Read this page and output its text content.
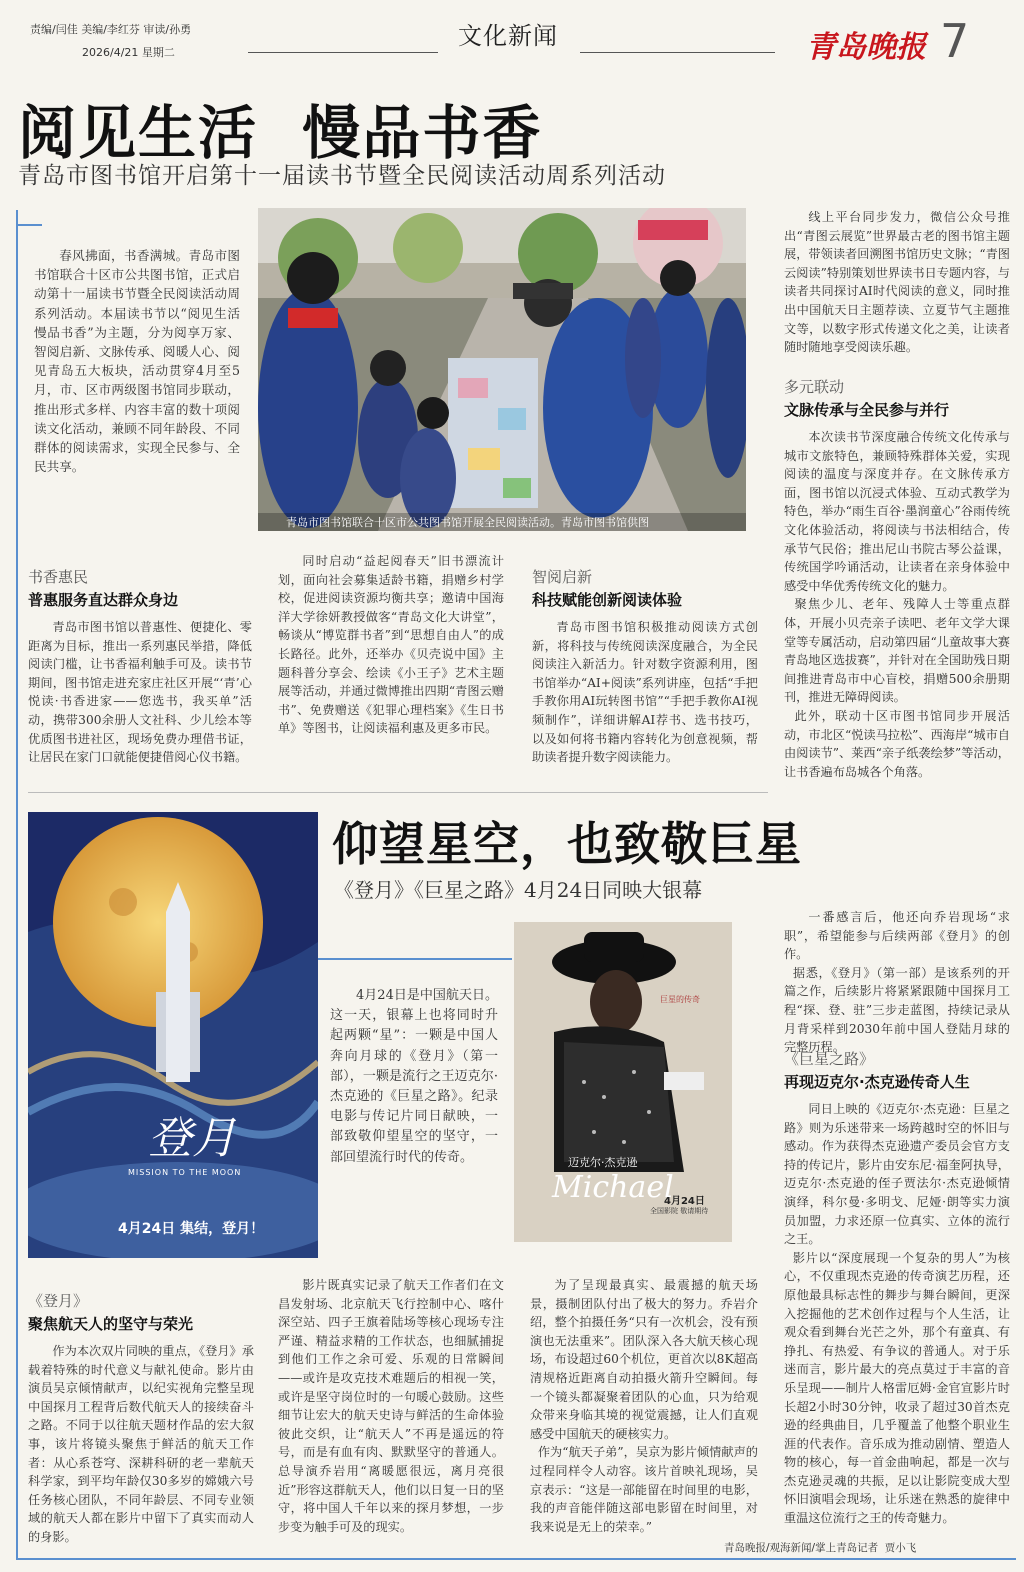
责编/闫佳 美编/李红芬 审读/孙勇
2026/4/21 星期二
文化新闻	青岛晚报 7
阅见生活  慢品书香
青岛市图书馆开启第十一届读书节暨全民阅读活动周系列活动
春风拂面，书香满城。青岛市图书馆联合十区市公共图书馆，正式启动第十一届读书节暨全民阅读活动周系列活动。本届读书节以“阅见生活 慢品书香”为主题，分为阅享万家、智阅启新、文脉传承、阅暖人心、阅见青岛五大板块，活动贯穿4月至5月，市、区市两级图书馆同步联动，推出形式多样、内容丰富的数十项阅读文化活动，兼顾不同年龄段、不同群体的阅读需求，实现全民参与、全民共享。
青岛市图书馆联合十区市公共图书馆开展全民阅读活动。青岛市图书馆供图
线上平台同步发力，微信公众号推出“青图云展览”世界最古老的图书馆主题展，带领读者回溯图书馆历史文脉；“青图云阅读”特别策划世界读书日专题内容，与读者共同探讨AI时代阅读的意义，同时推出中国航天日主题荐读、立夏节气主题推文等，以数字形式传递文化之美，让读者随时随地享受阅读乐趣。
多元联动
文脉传承与全民参与并行
本次读书节深度融合传统文化传承与城市文旅特色，兼顾特殊群体关爱，实现阅读的温度与深度并存。在文脉传承方面，图书馆以沉浸式体验、互动式教学为特色，举办“雨生百谷·墨润童心”谷雨传统文化体验活动，将阅读与书法相结合，传承节气民俗；推出尼山书院古琴公益课，传统国学吟诵活动，让读者在亲身体验中感受中华优秀传统文化的魅力。
聚焦少儿、老年、残障人士等重点群体，开展小贝壳亲子读吧、老年文学大课堂等专属活动，启动第四届“儿童故事大赛青岛地区选拔赛”，并针对在全国助残日期间推进青岛市中心盲校，捐赠500余册期刊，推进无障碍阅读。
此外，联动十区市图书馆同步开展活动，市北区“悦读马拉松”、西海岸“城市自由阅读节”、莱西“亲子纸袭绘梦”等活动，让书香遍布岛城各个角落。
书香惠民
普惠服务直达群众身边
青岛市图书馆以普惠性、便捷化、零距离为目标，推出一系列惠民举措，降低阅读门槛，让书香福利触手可及。读书节期间，图书馆走进充家庄社区开展“‘青’心悦读·书香进家——您选书，我买单”活动，携带300余册人文社科、少儿绘本等优质图书进社区，现场免费办理借书证，让居民在家门口就能便捷借阅心仪书籍。
同时启动“益起阅春天”旧书漂流计划，面向社会募集适龄书籍，捐赠乡村学校，促进阅读资源均衡共享；邀请中国海洋大学徐妍教授做客“青岛文化大讲堂”，畅谈从“博览群书者”到“思想自由人”的成长路径。此外，还举办《贝壳说中国》主题科普分享会、绘读《小王子》艺术主题展等活动，并通过微博推出四期“青图云赠书”、免费赠送《犯罪心理档案》《生日书单》等图书，让阅读福利惠及更多市民。
智阅启新
科技赋能创新阅读体验
青岛市图书馆积极推动阅读方式创新，将科技与传统阅读深度融合，为全民阅读注入新活力。针对数字资源利用，图书馆举办“AI+阅读”系列讲座，包括“手把手教你用AI玩转图书馆”“手把手教你AI视频制作”，详细讲解AI荐书、选书技巧，以及如何将书籍内容转化为创意视频，帮助读者提升数字阅读能力。
登月
MISSION TO THE MOON
4月24日 集结，登月！
仰望星空，也致敬巨星
《登月》《巨星之路》4月24日同映大银幕
4月24日是中国航天日。这一天，银幕上也将同时升起两颗“星”：一颗是中国人奔向月球的《登月》（第一部），一颗是流行之王迈克尔·杰克逊的《巨星之路》。纪录电影与传记片同日献映，一部致敬仰望星空的坚守，一部回望流行时代的传奇。
巨星的传奇
迈克尔·杰克逊
Michael
4月24日
全国影院 敬请期待
一番感言后，他还向乔岩现场“求职”，希望能参与后续两部《登月》的创作。
据悉，《登月》（第一部）是该系列的开篇之作，后续影片将紧紧跟随中国探月工程“探、登、驻”三步走蓝图，持续记录从月背采样到2030年前中国人登陆月球的完整历程。
《巨星之路》
再现迈克尔·杰克逊传奇人生
同日上映的《迈克尔·杰克逊：巨星之路》则为乐迷带来一场跨越时空的怀旧与感动。作为获得杰克逊遗产委员会官方支持的传记片，影片由安东尼·福奎阿执导，迈克尔·杰克逊的侄子贾法尔·杰克逊倾情演绎，科尔曼·多明戈、尼娅·朗等实力演员加盟，力求还原一位真实、立体的流行之王。
影片以“深度展现一个复杂的男人”为核心，不仅重现杰克逊的传奇演艺历程，还原他最具标志性的舞步与舞台瞬间，更深入挖掘他的艺术创作过程与个人生活，让观众看到舞台光芒之外，那个有童真、有挣扎、有热爱、有争议的普通人。对于乐迷而言，影片最大的亮点莫过于丰富的音乐呈现——制片人格雷厄姆·金官宣影片时长超2小时30分钟，收录了超过30首杰克逊的经典曲目，几乎覆盖了他整个职业生涯的代表作。音乐成为推动剧情、塑造人物的核心，每一首金曲响起，都是一次与杰克逊灵魂的共振，足以让影院变成大型怀旧演唱会现场，让乐迷在熟悉的旋律中重温这位流行之王的传奇魅力。
《登月》
聚焦航天人的坚守与荣光
作为本次双片同映的重点，《登月》承载着特殊的时代意义与献礼使命。影片由演员吴京倾情献声，以纪实视角完整呈现中国探月工程背后数代航天人的接续奋斗之路。不同于以往航天题材作品的宏大叙事，该片将镜头聚焦于鲜活的航天工作者：从心系苍穹、深耕科研的老一辈航天科学家，到平均年龄仅30多岁的嫦娥六号任务核心团队，不同年龄层、不同专业领域的航天人都在影片中留下了真实而动人的身影。
影片既真实记录了航天工作者们在文昌发射场、北京航天飞行控制中心、喀什深空站、四子王旗着陆场等核心现场专注严谨、精益求精的工作状态，也细腻捕捉到他们工作之余可爱、乐观的日常瞬间——或许是攻克技术难题后的相视一笑，或许是坚守岗位时的一句暖心鼓励。这些细节让宏大的航天史诗与鲜活的生命体验彼此交织，让“航天人”不再是遥远的符号，而是有血有肉、默默坚守的普通人。总导演乔岩用“离暖愿很远，离月亮很近”形容这群航天人，他们以日复一日的坚守，将中国人千年以来的探月梦想，一步步变为触手可及的现实。
为了呈现最真实、最震撼的航天场景，摄制团队付出了极大的努力。乔岩介绍，整个拍摄任务“只有一次机会，没有预演也无法重来”。团队深入各大航天核心现场，布设超过60个机位，更首次以8K超高清规格近距离自动拍摄火箭升空瞬间。每一个镜头都凝聚着团队的心血，只为给观众带来身临其境的视觉震撼，让人们直观感受中国航天的硬核实力。
作为“航天子弟”，吴京为影片倾情献声的过程同样令人动容。该片首映礼现场，吴京表示：“这是一部能留在时间里的电影，我的声音能伴随这部电影留在时间里，对我来说是无上的荣幸。”
青岛晚报/观海新闻/掌上青岛记者  贾小飞
